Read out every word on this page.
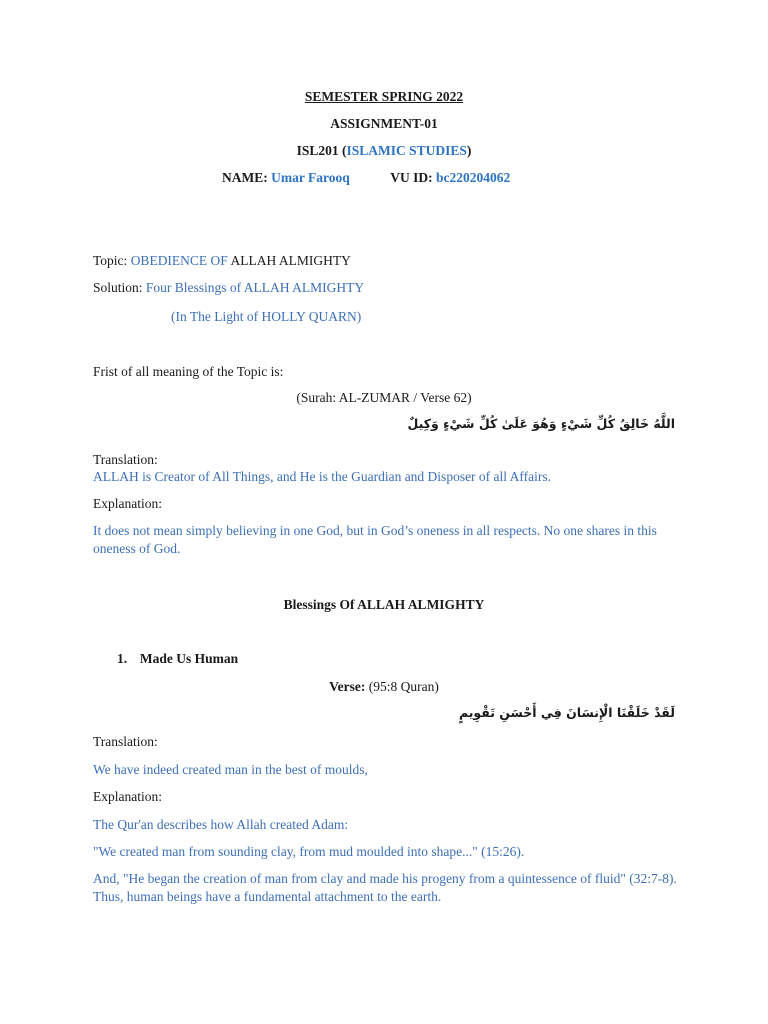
SEMESTER SPRING 2022
ASSIGNMENT-01
ISL201 (ISLAMIC STUDIES)
NAME: Umar Farooq	VU ID: bc220204062
Topic: OBEDIENCE OF ALLAH ALMIGHTY
Solution: Four Blessings of ALLAH ALMIGHTY
(In The Light of HOLLY QUARN)
Frist of all meaning of the Topic is:
(Surah: AL-ZUMAR / Verse 62)
اللَّهُ خَالِقُ كُلِّ شَيْءٍ وَهُوَ عَلَىٰ كُلِّ شَيْءٍ وَكِيلٌ
Translation:
ALLAH is Creator of All Things, and He is the Guardian and Disposer of all Affairs.
Explanation:
It does not mean simply believing in one God, but in God’s oneness in all respects. No one shares in this oneness of God.
Blessings Of ALLAH ALMIGHTY
1. Made Us Human
Verse: (95:8 Quran)
لَقَدْ خَلَقْنَا الْإِنسَانَ فِي أَحْسَنِ تَقْوِيمٍ
Translation:
We have indeed created man in the best of moulds,
Explanation:
The Qur'an describes how Allah created Adam:
"We created man from sounding clay, from mud moulded into shape..." (15:26).
And, "He began the creation of man from clay and made his progeny from a quintessence of fluid" (32:7-8). Thus, human beings have a fundamental attachment to the earth.
